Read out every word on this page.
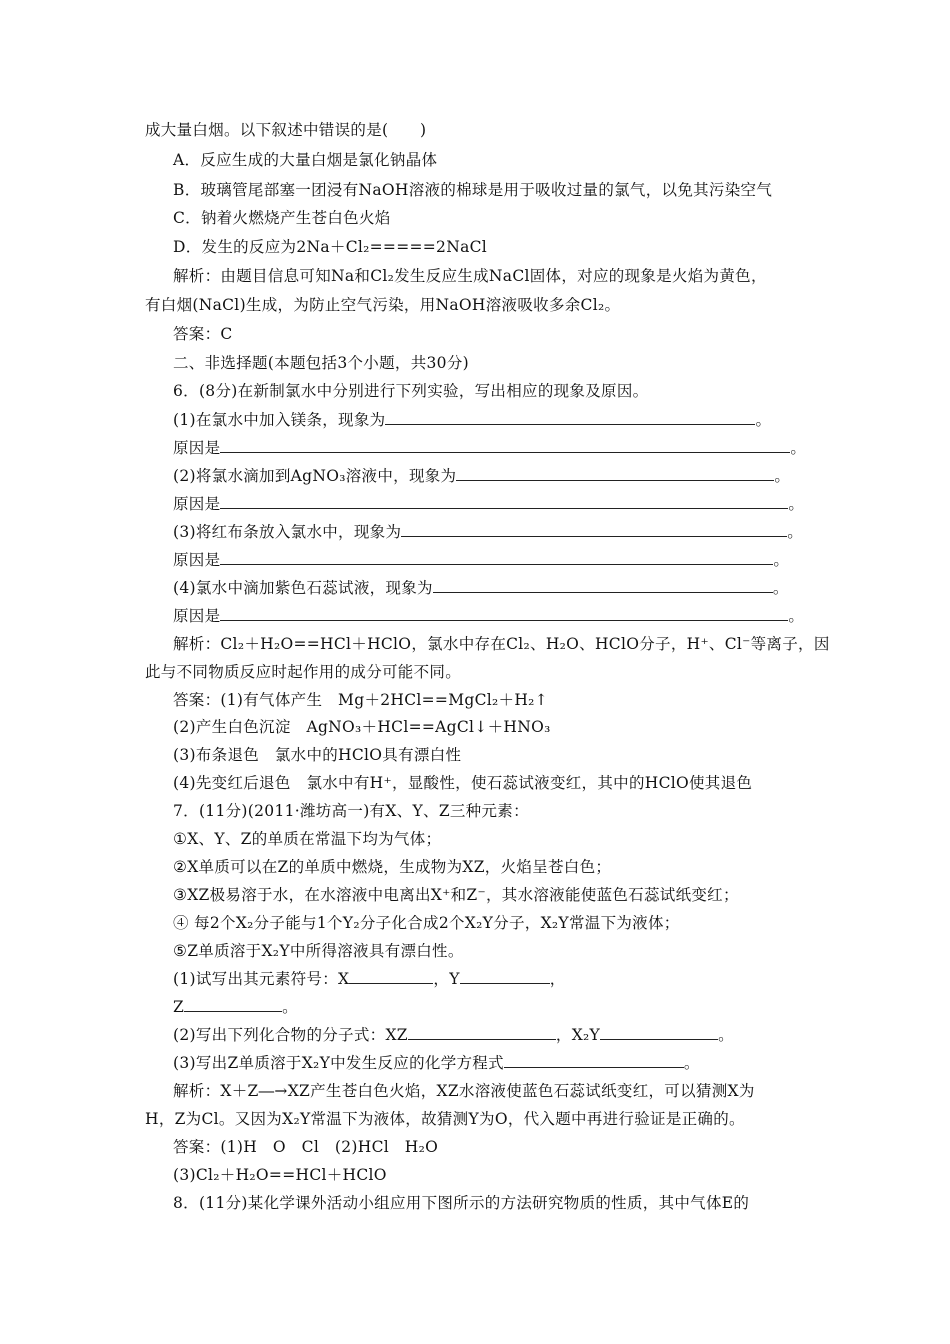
成大量白烟。以下叙述中错误的是(　　)
A．反应生成的大量白烟是氯化钠晶体
B．玻璃管尾部塞一团浸有NaOH溶液的棉球是用于吸收过量的氯气，以免其污染空气
C．钠着火燃烧产生苍白色火焰
D．发生的反应为2Na＋Cl₂=====2NaCl
解析：由题目信息可知Na和Cl₂发生反应生成NaCl固体，对应的现象是火焰为黄色，
有白烟(NaCl)生成，为防止空气污染，用NaOH溶液吸收多余Cl₂。
答案：C
二、非选择题(本题包括3个小题，共30分)
6．(8分)在新制氯水中分别进行下列实验，写出相应的现象及原因。
(1)在氯水中加入镁条，现象为	。
原因是	。
(2)将氯水滴加到AgNO₃溶液中，现象为	。
原因是	。
(3)将红布条放入氯水中，现象为	。
原因是	。
(4)氯水中滴加紫色石蕊试液，现象为	。
原因是	。
解析：Cl₂＋H₂O==HCl＋HClO，氯水中存在Cl₂、H₂O、HClO分子，H⁺、Cl⁻等离子，因
此与不同物质反应时起作用的成分可能不同。
答案：(1)有气体产生　Mg＋2HCl==MgCl₂＋H₂↑
(2)产生白色沉淀　AgNO₃＋HCl==AgCl↓＋HNO₃
(3)布条退色　氯水中的HClO具有漂白性
(4)先变红后退色　氯水中有H⁺，显酸性，使石蕊试液变红，其中的HClO使其退色
7．(11分)(2011·潍坊高一)有X、Y、Z三种元素：
①X、Y、Z的单质在常温下均为气体；
②X单质可以在Z的单质中燃烧，生成物为XZ，火焰呈苍白色；
③XZ极易溶于水，在水溶液中电离出X⁺和Z⁻，其水溶液能使蓝色石蕊试纸变红；
④ 每2个X₂分子能与1个Y₂分子化合成2个X₂Y分子，X₂Y常温下为液体；
⑤Z单质溶于X₂Y中所得溶液具有漂白性。
(1)试写出其元素符号：X	，Y	，
Z	。
(2)写出下列化合物的分子式：XZ	，X₂Y	。
(3)写出Z单质溶于X₂Y中发生反应的化学方程式	。
解析：X＋Z―→XZ产生苍白色火焰，XZ水溶液使蓝色石蕊试纸变红，可以猜测X为
H，Z为Cl。又因为X₂Y常温下为液体，故猜测Y为O，代入题中再进行验证是正确的。
答案：(1)H　O　Cl　(2)HCl　H₂O
(3)Cl₂＋H₂O==HCl＋HClO
8．(11分)某化学课外活动小组应用下图所示的方法研究物质的性质，其中气体E的
